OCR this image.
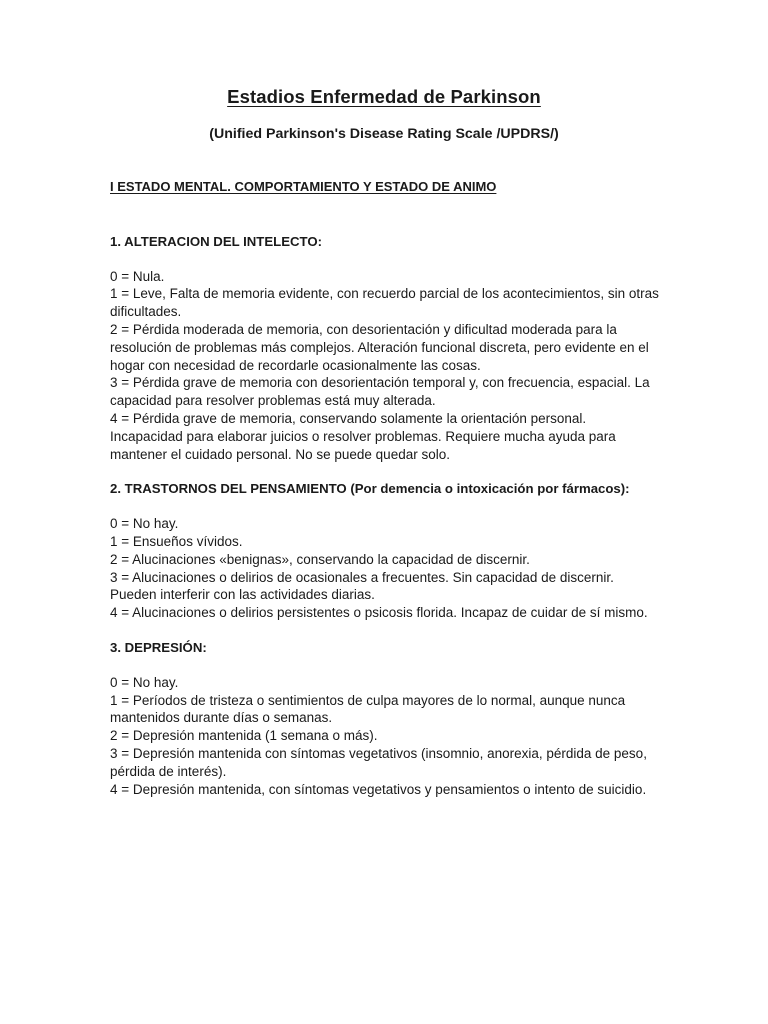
Estadios Enfermedad de Parkinson

(Unified Parkinson's Disease Rating Scale /UPDRS/)

I ESTADO MENTAL. COMPORTAMIENTO Y ESTADO DE ANIMO

1. ALTERACION DEL INTELECTO:

0 = Nula.
1 = Leve, Falta de memoria evidente, con recuerdo parcial de los acontecimientos, sin otras dificultades.
2 = Pérdida moderada de memoria, con desorientación y dificultad moderada para la resolución de problemas más complejos. Alteración funcional discreta, pero evidente en el hogar con necesidad de recordarle ocasionalmente las cosas.
3 = Pérdida grave de memoria con desorientación temporal y, con frecuencia, espacial. La capacidad para resolver problemas está muy alterada.
4 = Pérdida grave de memoria, conservando solamente la orientación personal. Incapacidad para elaborar juicios o resolver problemas. Requiere mucha ayuda para mantener el cuidado personal. No se puede quedar solo.

2. TRASTORNOS DEL PENSAMIENTO (Por demencia o intoxicación por fármacos):

0 = No hay.
1 = Ensueños vívidos.
2 = Alucinaciones «benignas», conservando la capacidad de discernir.
3 = Alucinaciones o delirios de ocasionales a frecuentes. Sin capacidad de discernir. Pueden interferir con las actividades diarias.
4 = Alucinaciones o delirios persistentes o psicosis florida. Incapaz de cuidar de sí mismo.

3. DEPRESIÓN:

0 = No hay.
1 = Períodos de tristeza o sentimientos de culpa mayores de lo normal, aunque nunca mantenidos durante días o semanas.
2 = Depresión mantenida (1 semana o más).
3 = Depresión mantenida con síntomas vegetativos (insomnio, anorexia, pérdida de peso, pérdida de interés).
4 = Depresión mantenida, con síntomas vegetativos y pensamientos o intento de suicidio.
